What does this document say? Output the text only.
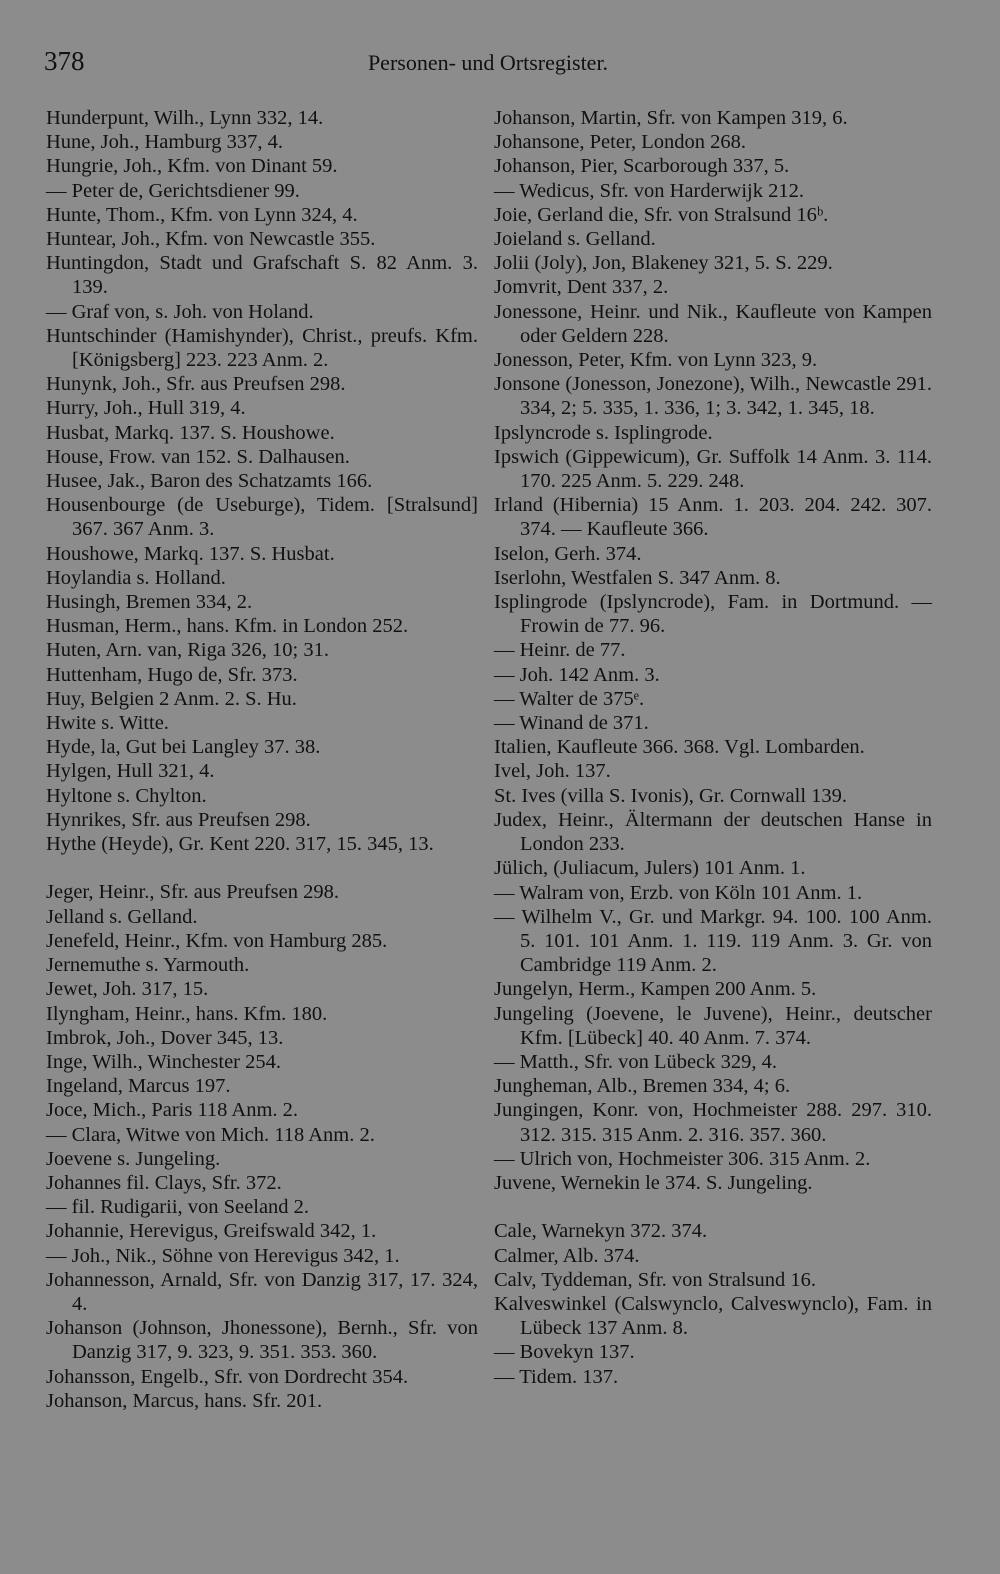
378	Personen- und Ortsregister.
Hunderpunt, Wilh., Lynn 332, 14.
Hune, Joh., Hamburg 337, 4.
Hungrie, Joh., Kfm. von Dinant 59.
— Peter de, Gerichtsdiener 99.
Hunte, Thom., Kfm. von Lynn 324, 4.
Huntear, Joh., Kfm. von Newcastle 355.
Huntingdon, Stadt und Grafschaft S. 82 Anm. 3. 139.
— Graf von, s. Joh. von Holand.
Huntschinder (Hamishynder), Christ., preufs. Kfm. [Königsberg] 223. 223 Anm. 2.
Hunynk, Joh., Sfr. aus Preufsen 298.
Hurry, Joh., Hull 319, 4.
Husbat, Markq. 137. S. Houshowe.
House, Frow. van 152. S. Dalhausen.
Husee, Jak., Baron des Schatzamts 166.
Housenbourge (de Useburge), Tidem. [Stralsund] 367. 367 Anm. 3.
Houshowe, Markq. 137. S. Husbat.
Hoylandia s. Holland.
Husingh, Bremen 334, 2.
Husman, Herm., hans. Kfm. in London 252.
Huten, Arn. van, Riga 326, 10; 31.
Huttenham, Hugo de, Sfr. 373.
Huy, Belgien 2 Anm. 2. S. Hu.
Hwite s. Witte.
Hyde, la, Gut bei Langley 37. 38.
Hylgen, Hull 321, 4.
Hyltone s. Chylton.
Hynrikes, Sfr. aus Preufsen 298.
Hythe (Heyde), Gr. Kent 220. 317, 15. 345, 13.
Jeger, Heinr., Sfr. aus Preufsen 298.
Jelland s. Gelland.
Jenefeld, Heinr., Kfm. von Hamburg 285.
Jernemuthe s. Yarmouth.
Jewet, Joh. 317, 15.
Ilyngham, Heinr., hans. Kfm. 180.
Imbrok, Joh., Dover 345, 13.
Inge, Wilh., Winchester 254.
Ingeland, Marcus 197.
Joce, Mich., Paris 118 Anm. 2.
— Clara, Witwe von Mich. 118 Anm. 2.
Joevene s. Jungeling.
Johannes fil. Clays, Sfr. 372.
— fil. Rudigarii, von Seeland 2.
Johannie, Herevigus, Greifswald 342, 1.
— Joh., Nik., Söhne von Herevigus 342, 1.
Johannesson, Arnald, Sfr. von Danzig 317, 17. 324, 4.
Johanson (Johnson, Jhonessone), Bernh., Sfr. von Danzig 317, 9. 323, 9. 351. 353. 360.
Johansson, Engelb., Sfr. von Dordrecht 354.
Johanson, Marcus, hans. Sfr. 201.
Johanson, Martin, Sfr. von Kampen 319, 6.
Johansone, Peter, London 268.
Johanson, Pier, Scarborough 337, 5.
— Wedicus, Sfr. von Harderwijk 212.
Joie, Gerland die, Sfr. von Stralsund 16ᵇ.
Joieland s. Gelland.
Jolii (Joly), Jon, Blakeney 321, 5. S. 229.
Jomvrit, Dent 337, 2.
Jonessone, Heinr. und Nik., Kaufleute von Kampen oder Geldern 228.
Jonesson, Peter, Kfm. von Lynn 323, 9.
Jonsone (Jonesson, Jonezone), Wilh., Newcastle 291. 334, 2; 5. 335, 1. 336, 1; 3. 342, 1. 345, 18.
Ipslyncrode s. Isplingrode.
Ipswich (Gippewicum), Gr. Suffolk 14 Anm. 3. 114. 170. 225 Anm. 5. 229. 248.
Irland (Hibernia) 15 Anm. 1. 203. 204. 242. 307. 374. — Kaufleute 366.
Iselon, Gerh. 374.
Iserlohn, Westfalen S. 347 Anm. 8.
Isplingrode (Ipslyncrode), Fam. in Dortmund. — Frowin de 77. 96.
— Heinr. de 77.
— Joh. 142 Anm. 3.
— Walter de 375ᵉ.
— Winand de 371.
Italien, Kaufleute 366. 368. Vgl. Lombarden.
Ivel, Joh. 137.
St. Ives (villa S. Ivonis), Gr. Cornwall 139.
Judex, Heinr., Ältermann der deutschen Hanse in London 233.
Jülich, (Juliacum, Julers) 101 Anm. 1.
— Walram von, Erzb. von Köln 101 Anm. 1.
— Wilhelm V., Gr. und Markgr. 94. 100. 100 Anm. 5. 101. 101 Anm. 1. 119. 119 Anm. 3. Gr. von Cambridge 119 Anm. 2.
Jungelyn, Herm., Kampen 200 Anm. 5.
Jungeling (Joevene, le Juvene), Heinr., deutscher Kfm. [Lübeck] 40. 40 Anm. 7. 374.
— Matth., Sfr. von Lübeck 329, 4.
Jungheman, Alb., Bremen 334, 4; 6.
Jungingen, Konr. von, Hochmeister 288. 297. 310. 312. 315. 315 Anm. 2. 316. 357. 360.
— Ulrich von, Hochmeister 306. 315 Anm. 2.
Juvene, Wernekin le 374. S. Jungeling.
Cale, Warnekyn 372. 374.
Calmer, Alb. 374.
Calv, Tyddeman, Sfr. von Stralsund 16.
Kalveswinkel (Calswynclo, Calveswynclo), Fam. in Lübeck 137 Anm. 8.
— Bovekyn 137.
— Tidem. 137.
